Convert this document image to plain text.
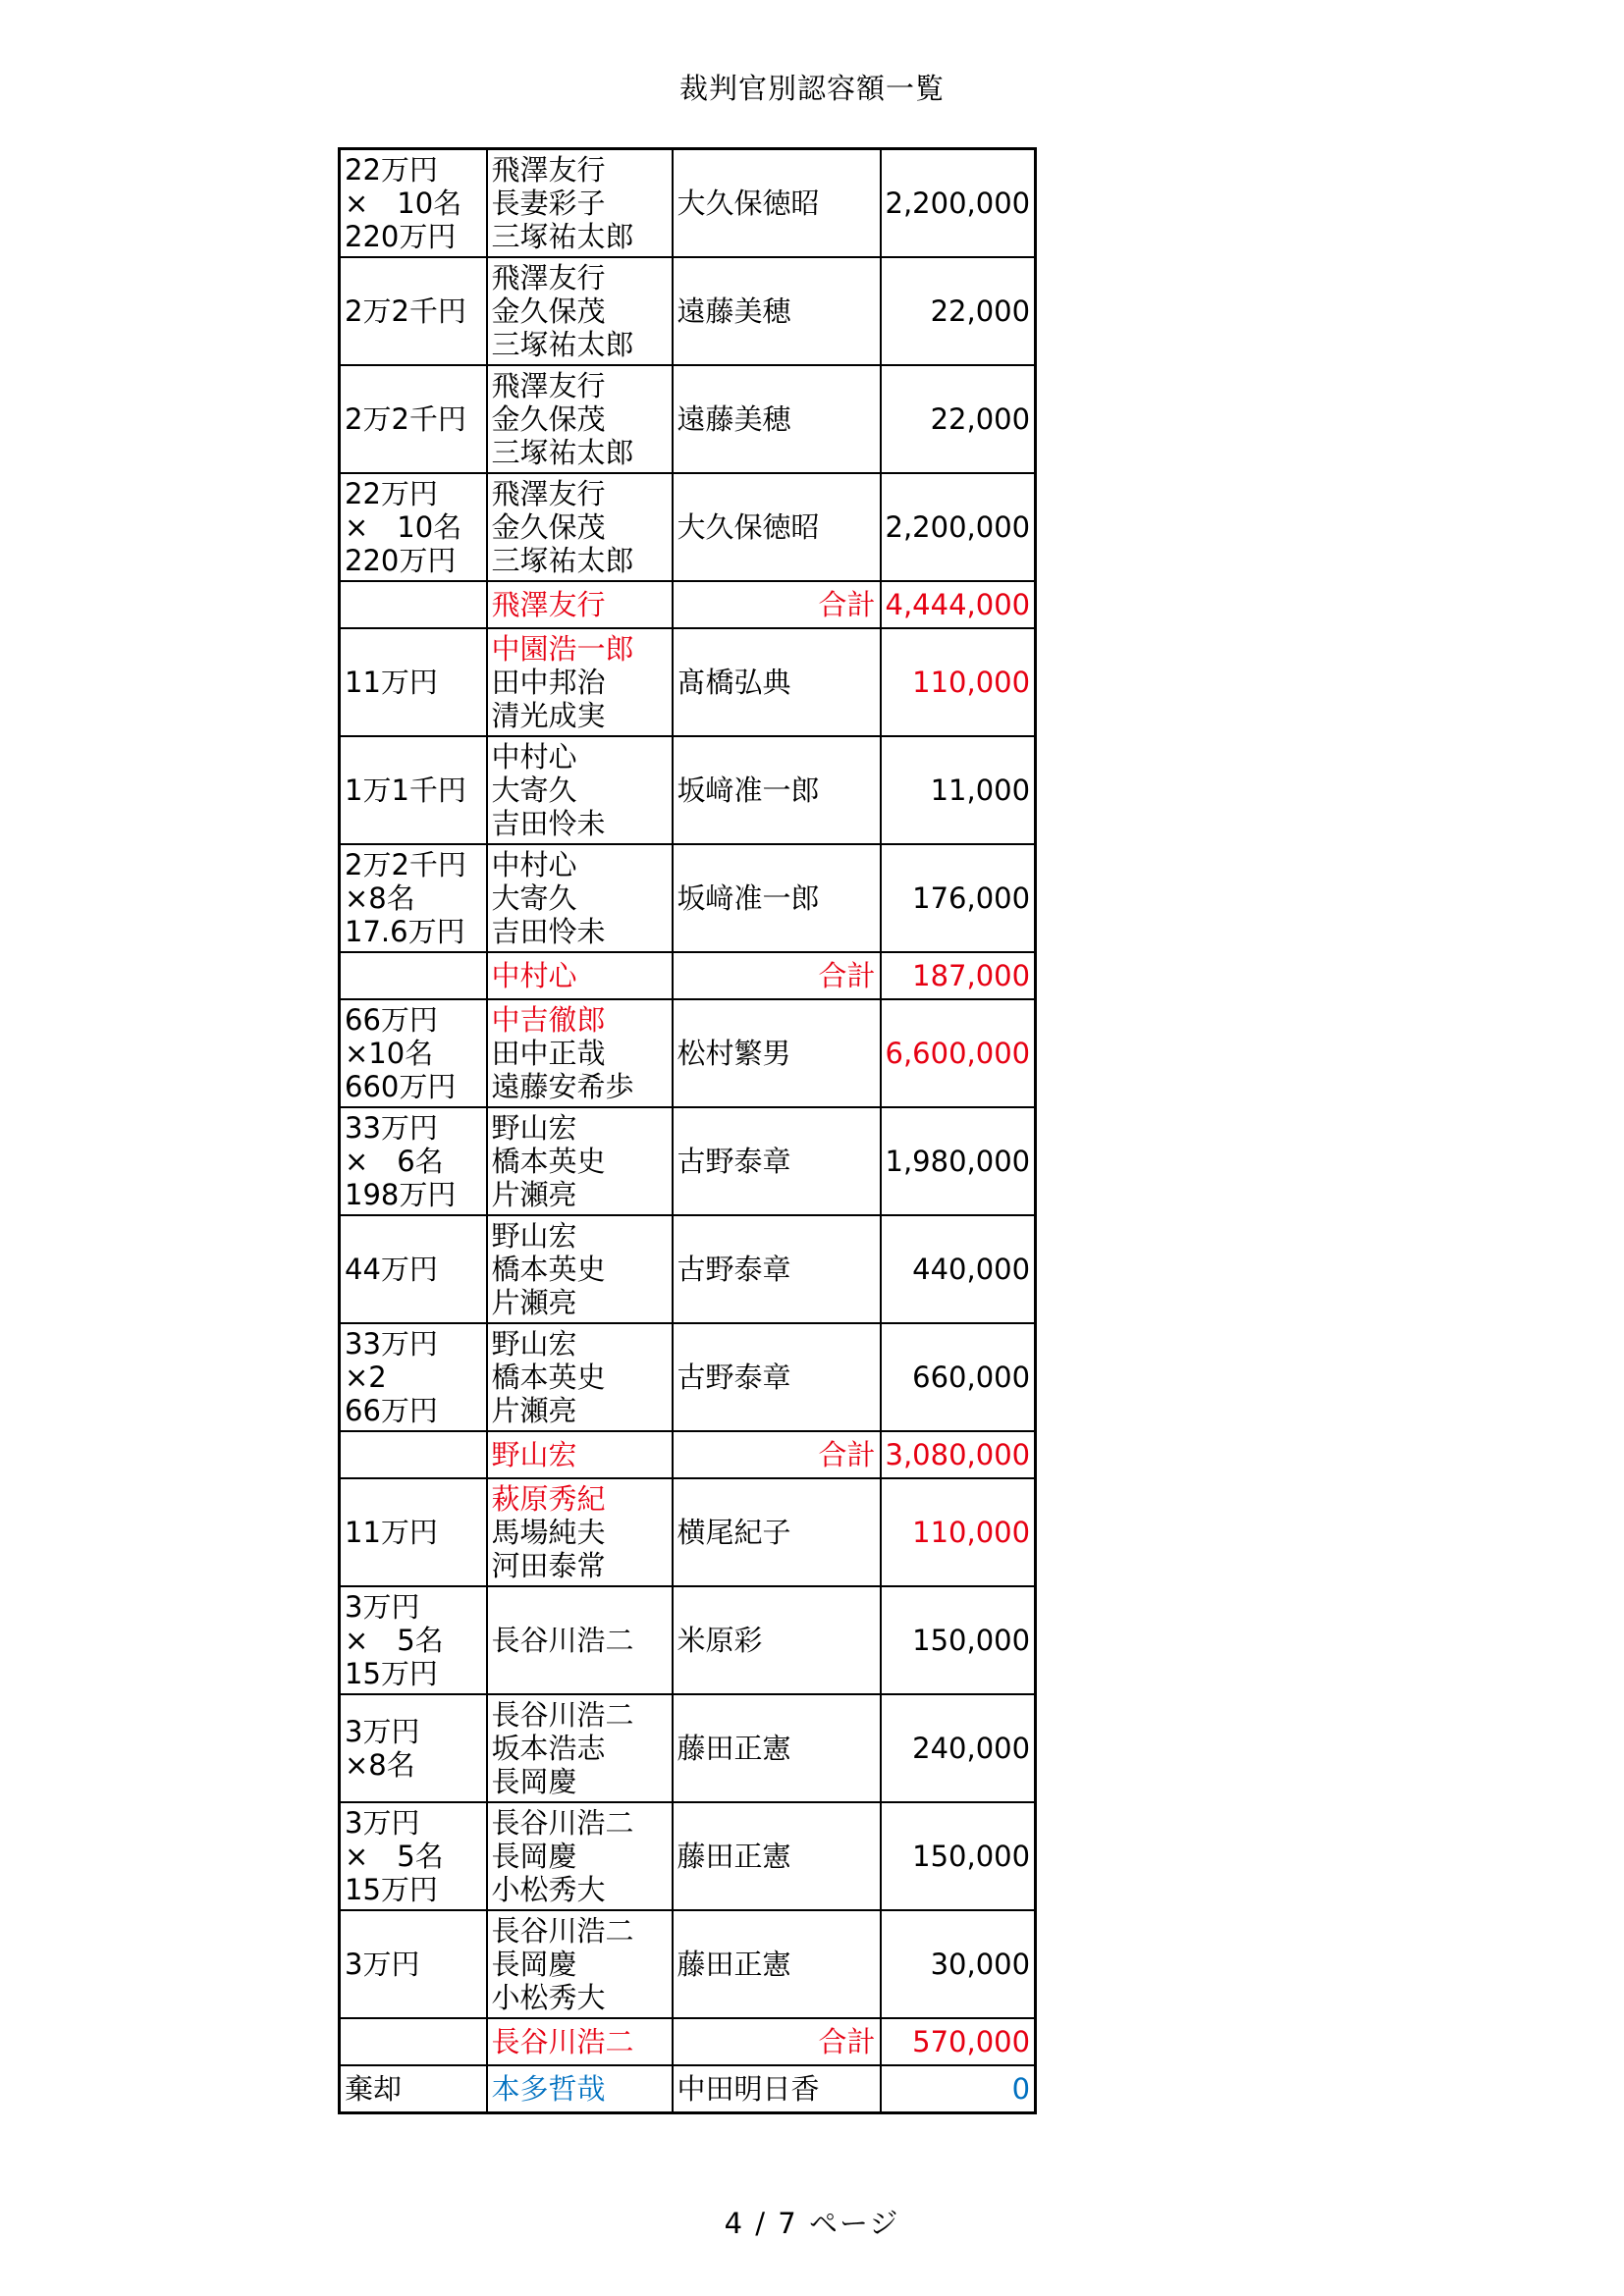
裁判官別認容額一覧
22万円
×　10名
220万円	飛澤友行
長妻彩子
三塚祐太郎	大久保徳昭	2,200,000

2万2千円	飛澤友行
金久保茂
三塚祐太郎	遠藤美穂	22,000

2万2千円	飛澤友行
金久保茂
三塚祐太郎	遠藤美穂	22,000

22万円
×　10名
220万円	飛澤友行
金久保茂
三塚祐太郎	大久保徳昭	2,200,000
	飛澤友行	合計	4,444,000

11万円	中園浩一郎
田中邦治
清光成実	髙橋弘典	110,000

1万1千円	中村心
大寄久
吉田怜未	坂﨑准一郎	11,000

2万2千円
×8名
17.6万円	中村心
大寄久
吉田怜未	坂﨑准一郎	176,000
	中村心	合計	187,000

66万円
×10名
660万円	中吉徹郎
田中正哉
遠藤安希歩	松村繁男	6,600,000

33万円
×　6名
198万円	野山宏
橋本英史
片瀬亮	古野泰章	1,980,000

44万円	野山宏
橋本英史
片瀬亮	古野泰章	440,000

33万円
×2
66万円	野山宏
橋本英史
片瀬亮	古野泰章	660,000
	野山宏	合計	3,080,000

11万円	萩原秀紀
馬場純夫
河田泰常	横尾紀子	110,000

3万円
×　5名
15万円	長谷川浩二	米原彩	150,000

3万円
×8名	長谷川浩二
坂本浩志
長岡慶	藤田正憲	240,000

3万円
×　5名
15万円	長谷川浩二
長岡慶
小松秀大	藤田正憲	150,000

3万円	長谷川浩二
長岡慶
小松秀大	藤田正憲	30,000
	長谷川浩二	合計	570,000
棄却	本多哲哉	中田明日香	0
4 / 7 ページ
